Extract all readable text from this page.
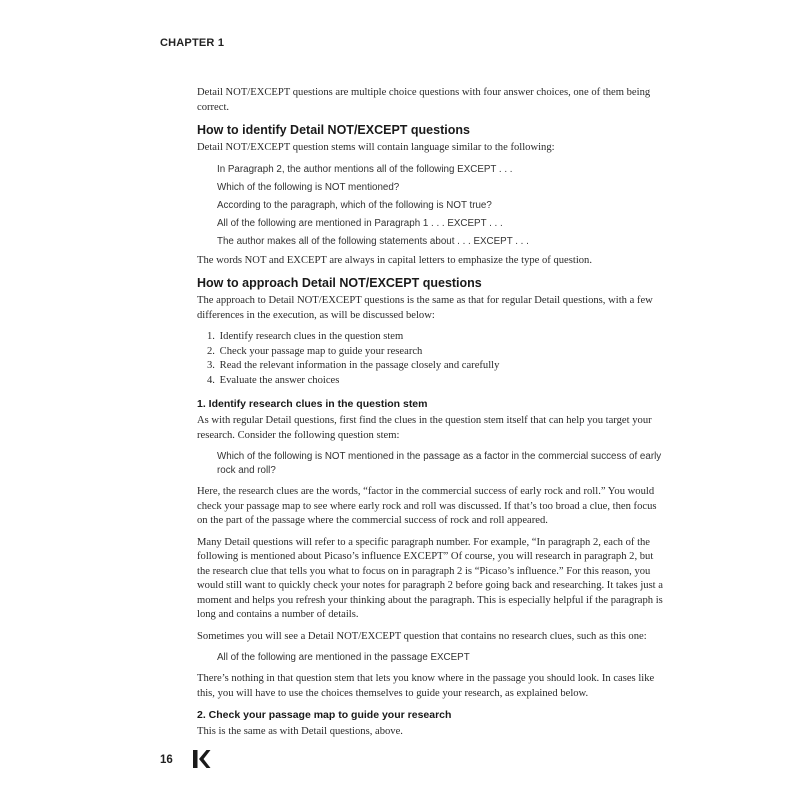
CHAPTER 1

Detail NOT/EXCEPT questions are multiple choice questions with four answer choices, one of them being correct.

How to identify Detail NOT/EXCEPT questions

Detail NOT/EXCEPT question stems will contain language similar to the following:

In Paragraph 2, the author mentions all of the following EXCEPT . . .
Which of the following is NOT mentioned?
According to the paragraph, which of the following is NOT true?
All of the following are mentioned in Paragraph 1 . . . EXCEPT . . .
The author makes all of the following statements about . . . EXCEPT . . .

The words NOT and EXCEPT are always in capital letters to emphasize the type of question.

How to approach Detail NOT/EXCEPT questions

The approach to Detail NOT/EXCEPT questions is the same as that for regular Detail questions, with a few differences in the execution, as will be discussed below:

1. Identify research clues in the question stem
2. Check your passage map to guide your research
3. Read the relevant information in the passage closely and carefully
4. Evaluate the answer choices
1. Identify research clues in the question stem

As with regular Detail questions, first find the clues in the question stem itself that can help you target your research. Consider the following question stem:

Which of the following is NOT mentioned in the passage as a factor in the commercial success of early rock and roll?

Here, the research clues are the words, “factor in the commercial success of early rock and roll.” You would check your passage map to see where early rock and roll was discussed. If that’s too broad a clue, then focus on the part of the passage where the commercial success of rock and roll appeared.

Many Detail questions will refer to a specific paragraph number. For example, “In paragraph 2, each of the following is mentioned about Picaso’s influence EXCEPT” Of course, you will research in paragraph 2, but the research clue that tells you what to focus on in paragraph 2 is “Picaso’s influence.” For this reason, you would still want to quickly check your notes for paragraph 2 before going back and researching. It takes just a moment and helps you refresh your thinking about the paragraph. This is especially helpful if the paragraph is long and contains a number of details.

Sometimes you will see a Detail NOT/EXCEPT question that contains no research clues, such as this one:

All of the following are mentioned in the passage EXCEPT

There’s nothing in that question stem that lets you know where in the passage you should look. In cases like this, you will have to use the choices themselves to guide your research, as explained below.

2. Check your passage map to guide your research

This is the same as with Detail questions, above.

16
